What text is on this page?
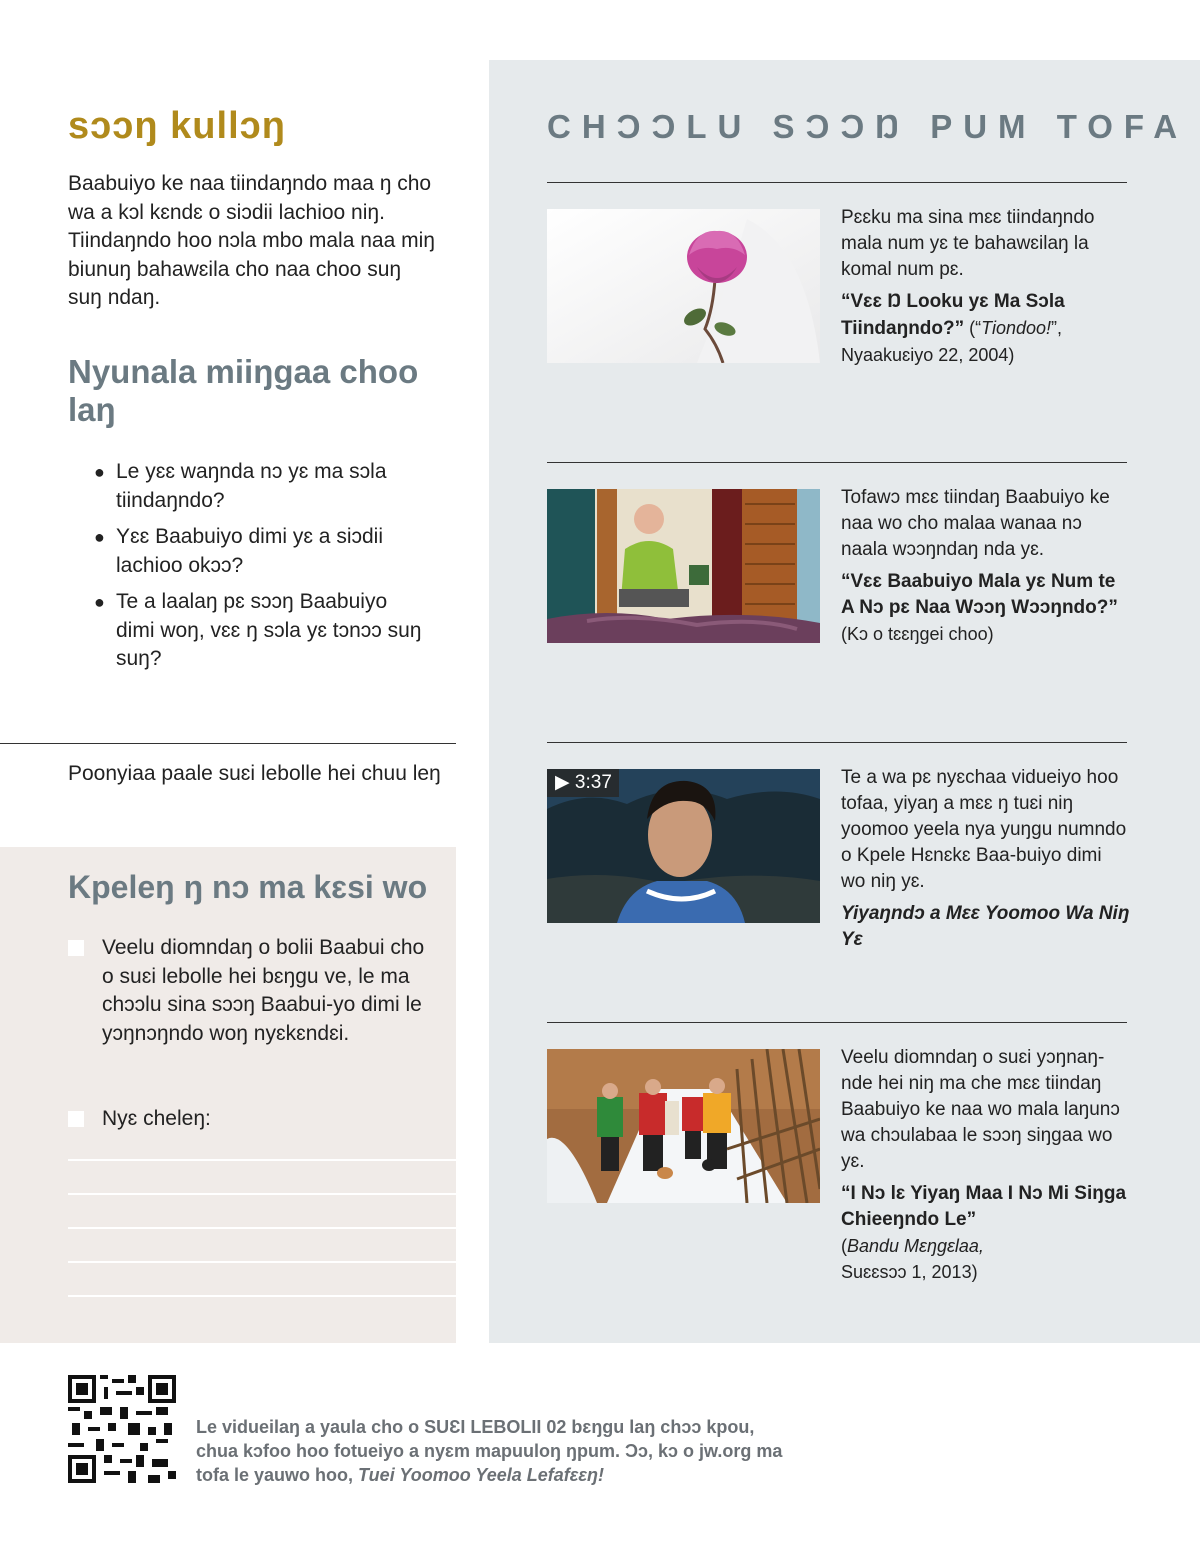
sɔɔŋ kullɔŋ

Baabuiyo ke naa tiindaŋndo maa ŋ cho wa a kɔl kɛndɛ o siɔdii lachioo niŋ. Tiindaŋndo hoo nɔla mbo mala naa miŋ biunuŋ bahawɛila cho naa choo suŋ suŋ ndaŋ.

Nyunala miiŋgaa choo laŋ
● Le yɛɛ waŋnda nɔ yɛ ma sɔla tiindaŋndo?
● Yɛɛ Baabuiyo dimi yɛ a siɔdii lachioo okɔɔ?
● Te a laalaŋ pɛ sɔɔŋ Baabuiyo dimi woŋ, vɛɛ ŋ sɔla yɛ tɔnɔɔ suŋ suŋ?

Poonyiaa paale suɛi lebolle hei chuu leŋ

Kpeleŋ ŋ nɔ ma kɛsi wo
Veelu diomndaŋ o bolii Baabui cho o suɛi lebolle hei bɛŋgu ve, le ma chɔɔlu sina sɔɔŋ Baabui-yo dimi le yɔŋnɔŋndo woŋ nyɛkɛndɛi.
Nyɛ cheleŋ:
CHƆƆLU SƆƆŊ PUM TOFA
Pɛɛku ma sina mɛɛ tiindaŋndo mala num yɛ te bahawɛilaŋ la komal num pɛ.
“Vɛɛ Ŋ Looku yɛ Ma Sɔla Tiindaŋndo?” (“Tiondoo!”, Nyaakuɛiyo 22, 2004)
Tofawɔ mɛɛ tiindaŋ Baabuiyo ke naa wo cho malaa wanaa nɔ naala wɔɔŋndaŋ nda yɛ.
“Vɛɛ Baabuiyo Mala yɛ Num te A Nɔ pɛ Naa Wɔɔŋ Wɔɔŋndo?”
(Kɔ o tɛɛŋgei choo)
▶ 3:37	Te a wa pɛ nyɛchaa vidueiyo hoo tofaa, yiyaŋ a mɛɛ ŋ tuɛi niŋ yoomoo yeela nya yuŋgu numndo o Kpele Hɛnɛkɛ Baa-buiyo dimi wo niŋ yɛ.
Yiyaŋndɔ a Mɛɛ Yoomoo Wa Niŋ Yɛ
Veelu diomndaŋ o suɛi yɔŋnaŋ-nde hei niŋ ma che mɛɛ tiindaŋ Baabuiyo ke naa wo mala laŋunɔ wa chɔulabaa le sɔɔŋ siŋgaa wo yɛ.
“I Nɔ lɛ Yiyaŋ Maa I Nɔ Mi Siŋga Chieeŋndo Le”
(Bandu Mɛŋgɛlaa,
Suɛɛsɔɔ 1, 2013)

Le vidueilaŋ a yaula cho o SUƐI LEBOLII 02 bɛŋgu laŋ chɔɔ kpou, chua kɔfoo hoo fotueiyo a nyɛm mapuuloŋ ŋpum. Ɔɔ, kɔ o jw.org ma tofa le yauwo hoo, Tuei Yoomoo Yeela Lefafɛɛŋ!
